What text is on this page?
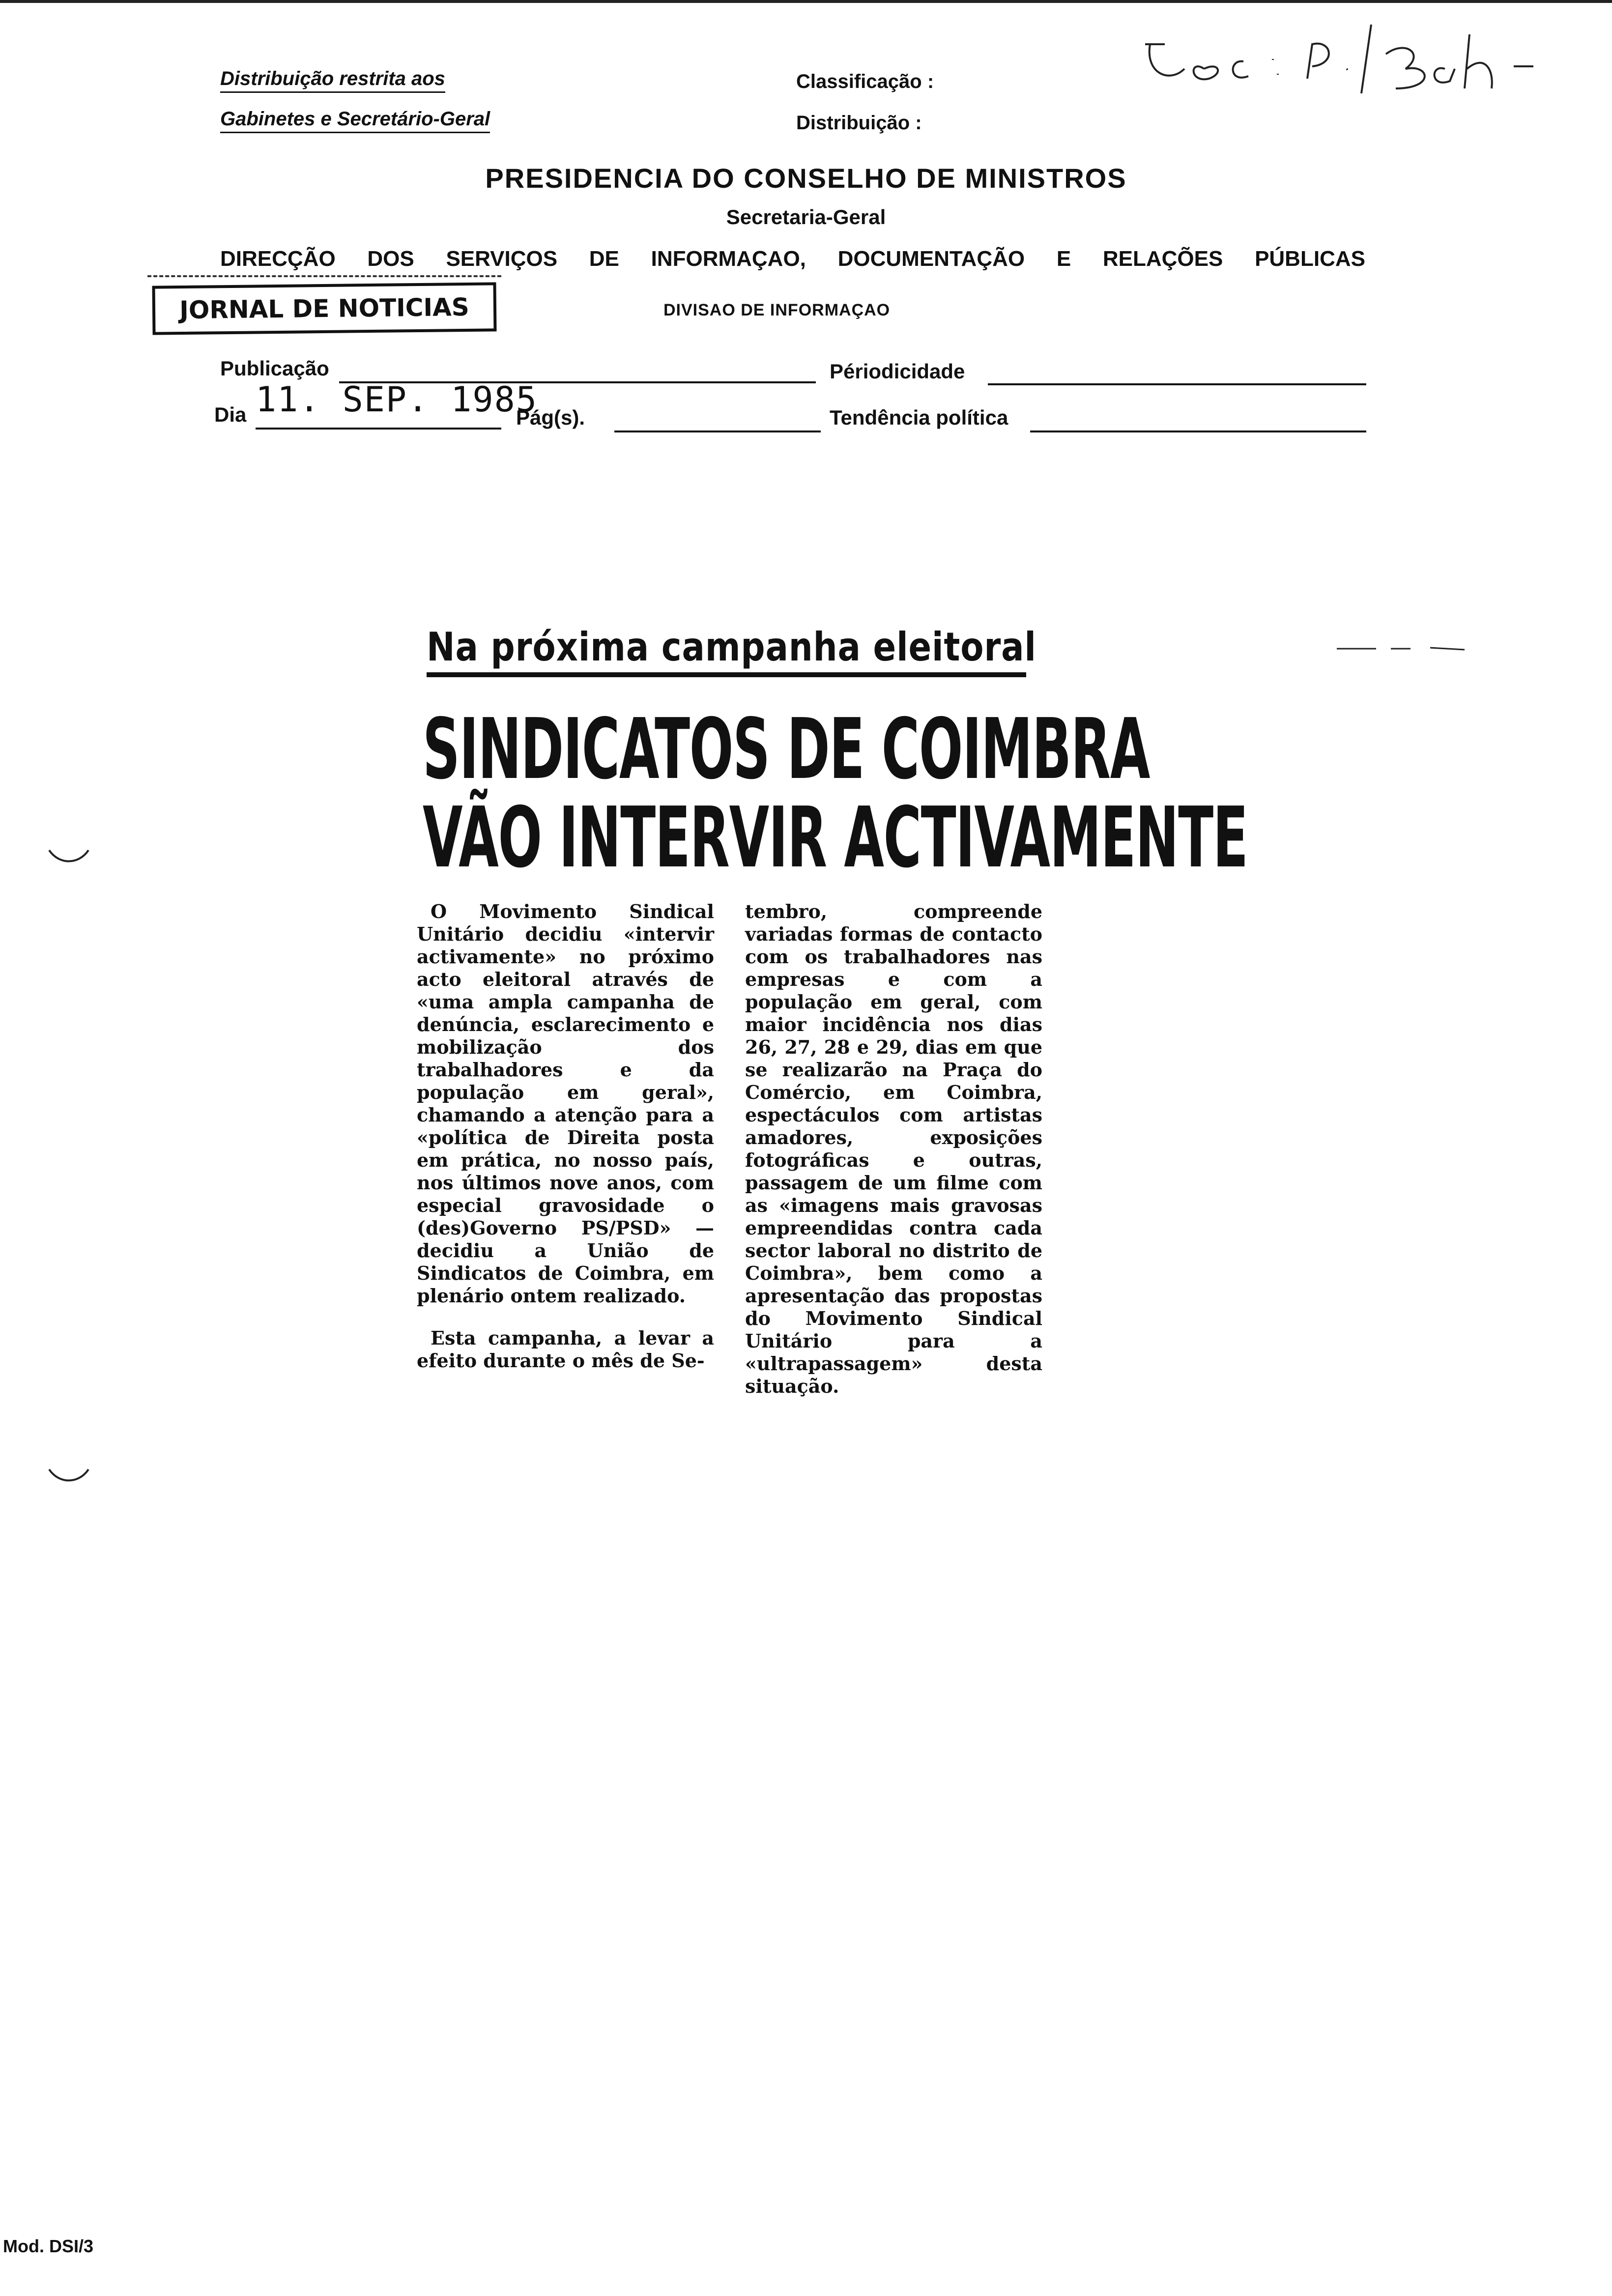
Distribuição restrita aos
Gabinetes e Secretário-Geral
Classificação :
Distribuição :
PRESIDENCIA DO CONSELHO DE MINISTROS
Secretaria-Geral
DIRECÇÃO DOS SERVIÇOS DE INFORMAÇAO, DOCUMENTAÇÃO E RELAÇÕES PÚBLICAS
JORNAL DE NOTICIAS	DIVISAO DE INFORMAÇAO
Publicação	Périodicidade
Dia 11. SEP. 1985
Pág(s).	Tendência política
Na próxima campanha eleitoral
SINDICATOS DE COIMBRA
VÃO INTERVIR ACTIVAMENTE

O Movimento Sindical Unitário decidiu «intervir activamente» no próximo acto eleitoral através de «uma ampla campanha de denúncia, esclarecimento e mobilização dos trabalhadores e da população em geral», chamando a atenção para a «política de Direita posta em prática, no nosso país, nos últimos nove anos, com especial gravosidade o (des)Governo PS/PSD» — decidiu a União de Sindicatos de Coimbra, em plenário ontem realizado.

Esta campanha, a levar a efeito durante o mês de Se-

tembro, compreende variadas formas de contacto com os trabalhadores nas empresas e com a população em geral, com maior incidência nos dias 26, 27, 28 e 29, dias em que se realizarão na Praça do Comércio, em Coimbra, espectáculos com artistas amadores, exposições fotográficas e outras, passagem de um filme com as «imagens mais gravosas empreendidas contra cada sector laboral no distrito de Coimbra», bem como a apresentação das propostas do Movimento Sindical Unitário para a «ultrapassagem» desta situação.

Mod. DSI/3
